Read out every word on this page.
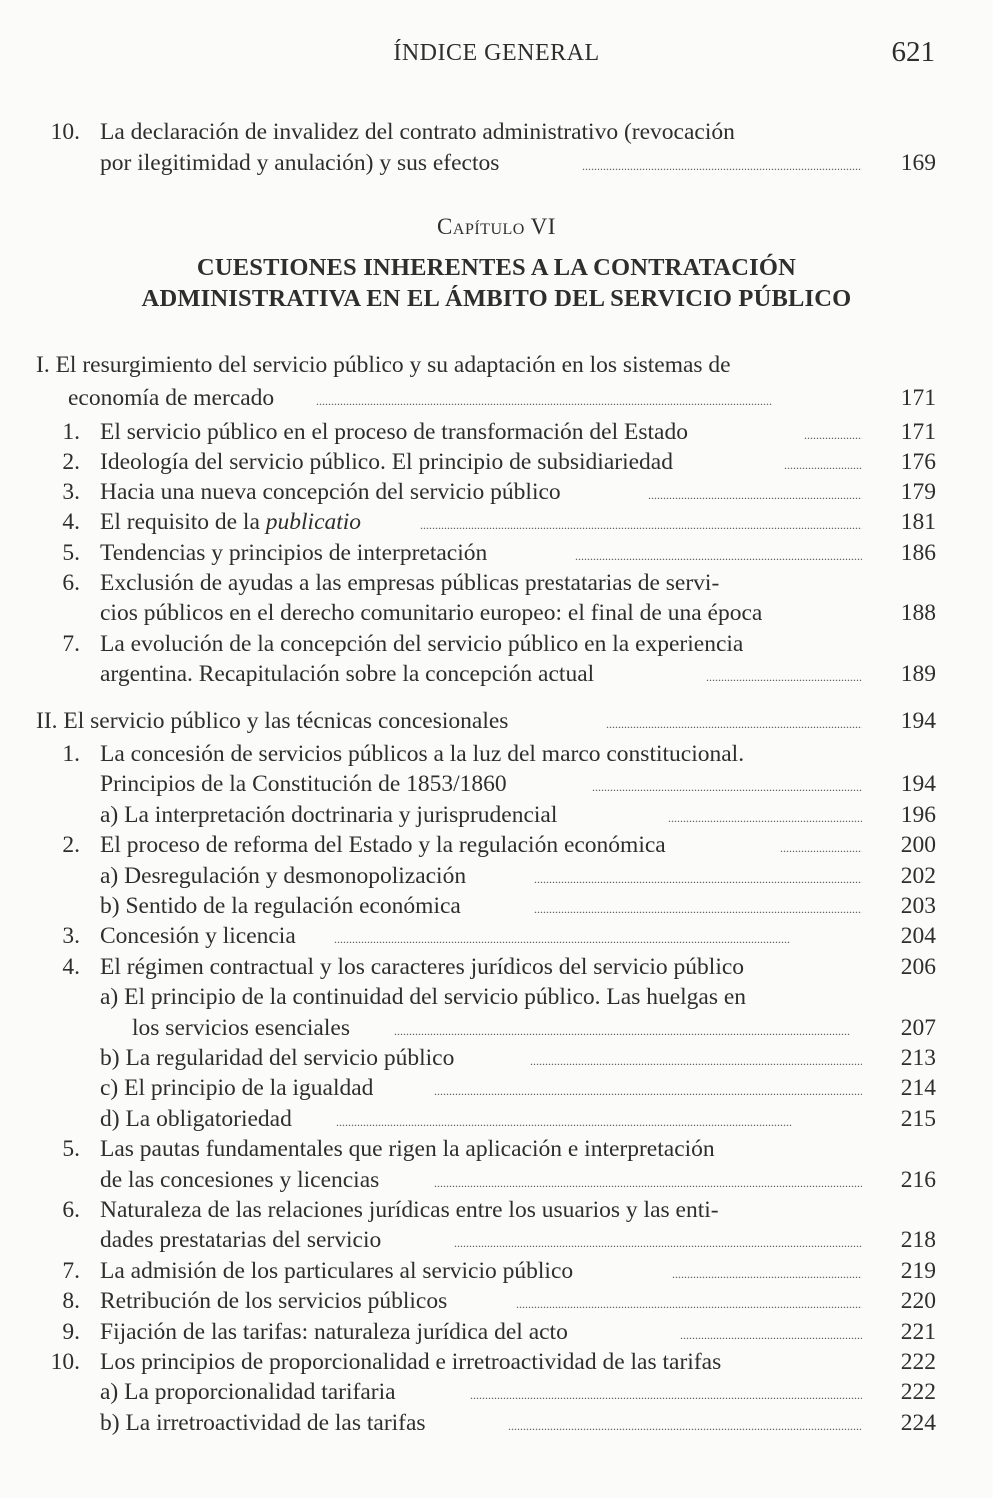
ÍNDICE GENERAL	621
10. La declaración de invalidez del contrato administrativo (revocación
por ilegitimidad y anulación) y sus efectos . . .	169
Capítulo VI
CUESTIONES INHERENTES A LA CONTRATACIÓN
ADMINISTRATIVA EN EL ÁMBITO DEL SERVICIO PÚBLICO
I. El resurgimiento del servicio público y su adaptación en los sistemas de
economía de mercado . . .	171
1. El servicio público en el proceso de transformación del Estado . . .	171
2. Ideología del servicio público. El principio de subsidiariedad . . .	176
3. Hacia una nueva concepción del servicio público . . .	179
4. El requisito de la publicatio . . .	181
5. Tendencias y principios de interpretación . . .	186
6. Exclusión de ayudas a las empresas públicas prestatarias de servi-
cios públicos en el derecho comunitario europeo: el final de una época	188
7. La evolución de la concepción del servicio público en la experiencia
argentina. Recapitulación sobre la concepción actual . . .	189
II. El servicio público y las técnicas concesionales . . .	194
1. La concesión de servicios públicos a la luz del marco constitucional.
Principios de la Constitución de 1853/1860 . . .	194
a) La interpretación doctrinaria y jurisprudencial . . .	196
2. El proceso de reforma del Estado y la regulación económica . . .	200
a) Desregulación y desmonopolización . . .	202
b) Sentido de la regulación económica . . .	203
3. Concesión y licencia . . .	204
4. El régimen contractual y los caracteres jurídicos del servicio público	206
a) El principio de la continuidad del servicio público. Las huelgas en
los servicios esenciales . . .	207
b) La regularidad del servicio público . . .	213
c) El principio de la igualdad . . .	214
d) La obligatoriedad . . .	215
5. Las pautas fundamentales que rigen la aplicación e interpretación
de las concesiones y licencias . . .	216
6. Naturaleza de las relaciones jurídicas entre los usuarios y las enti-
dades prestatarias del servicio . . .	218
7. La admisión de los particulares al servicio público . . .	219
8. Retribución de los servicios públicos . . .	220
9. Fijación de las tarifas: naturaleza jurídica del acto . . .	221
10. Los principios de proporcionalidad e irretroactividad de las tarifas	222
a) La proporcionalidad tarifaria . . .	222
b) La irretroactividad de las tarifas . . .	224
